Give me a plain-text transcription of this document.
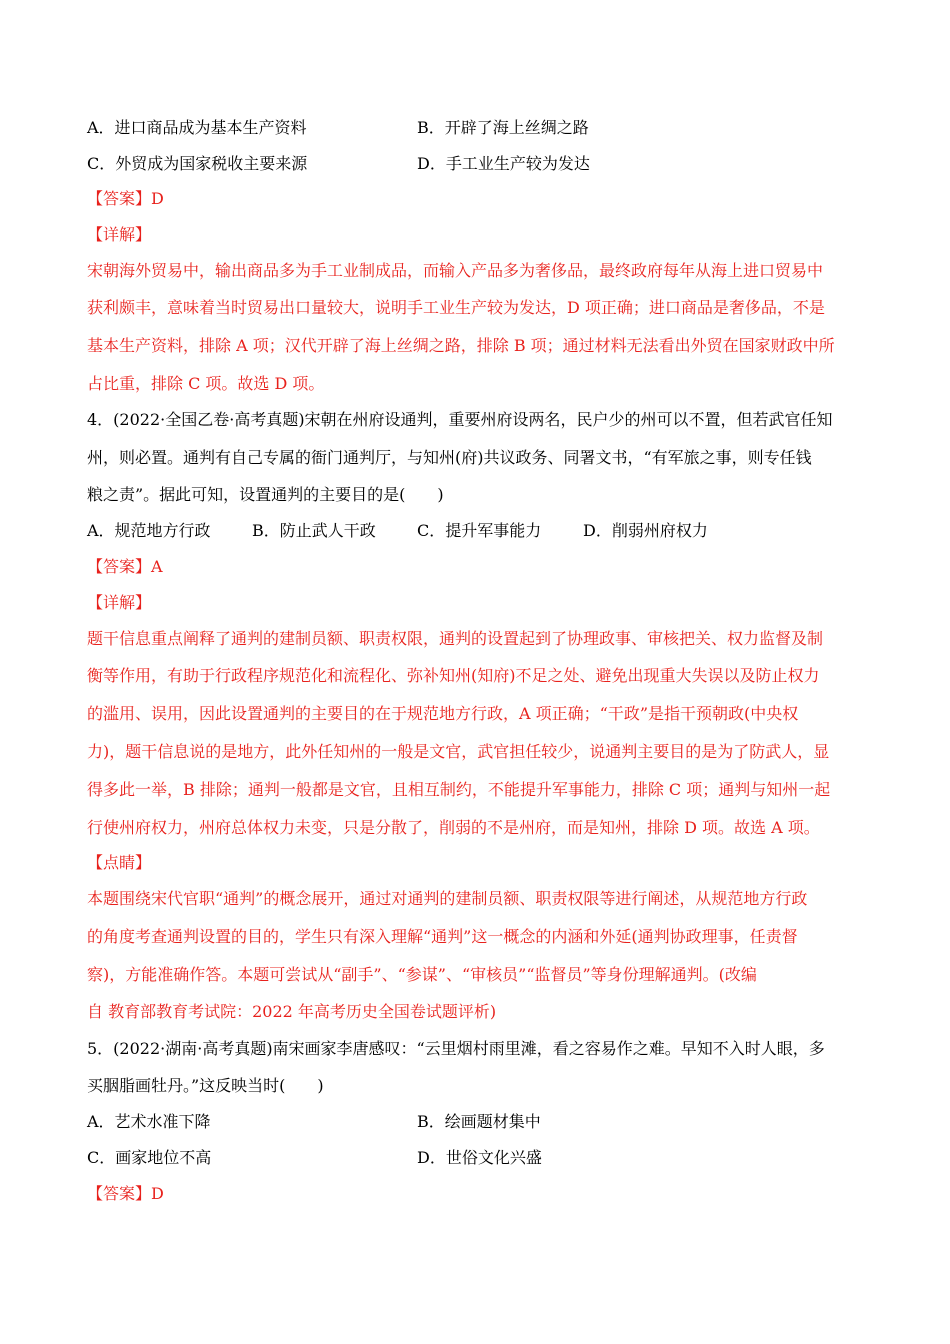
A．进口商品成为基本生产资料	B．开辟了海上丝绸之路
C．外贸成为国家税收主要来源	D．手工业生产较为发达
【答案】D
【详解】
宋朝海外贸易中，输出商品多为手工业制成品，而输入产品多为奢侈品，最终政府每年从海上进口贸易中
获利颇丰，意味着当时贸易出口量较大，说明手工业生产较为发达，D 项正确；进口商品是奢侈品，不是
基本生产资料，排除 A 项；汉代开辟了海上丝绸之路，排除 B 项；通过材料无法看出外贸在国家财政中所
占比重，排除 C 项。故选 D 项。
4．(2022·全国乙卷·高考真题)宋朝在州府设通判，重要州府设两名，民户少的州可以不置，但若武官任知
州，则必置。通判有自己专属的衙门通判厅，与知州(府)共议政务、同署文书，“有军旅之事，则专任钱
粮之责”。据此可知，设置通判的主要目的是(　　)
A．规范地方行政	B．防止武人干政	C．提升军事能力	D．削弱州府权力
【答案】A
【详解】
题干信息重点阐释了通判的建制员额、职责权限，通判的设置起到了协理政事、审核把关、权力监督及制
衡等作用，有助于行政程序规范化和流程化、弥补知州(知府)不足之处、避免出现重大失误以及防止权力
的滥用、误用，因此设置通判的主要目的在于规范地方行政，A 项正确；“干政”是指干预朝政(中央权
力)，题干信息说的是地方，此外任知州的一般是文官，武官担任较少，说通判主要目的是为了防武人，显
得多此一举，B 排除；通判一般都是文官，且相互制约，不能提升军事能力，排除 C 项；通判与知州一起
行使州府权力，州府总体权力未变，只是分散了，削弱的不是州府，而是知州，排除 D 项。故选 A 项。
【点睛】
本题围绕宋代官职“通判”的概念展开，通过对通判的建制员额、职责权限等进行阐述，从规范地方行政
的角度考查通判设置的目的，学生只有深入理解“通判”这一概念的内涵和外延(通判协政理事，任责督
察)，方能准确作答。本题可尝试从“副手”、“参谋”、“审核员”“监督员”等身份理解通判。(改编
自 教育部教育考试院：2022 年高考历史全国卷试题评析)
5．(2022·湖南·高考真题)南宋画家李唐感叹：“云里烟村雨里滩，看之容易作之难。早知不入时人眼，多
买胭脂画牡丹。”这反映当时(　　)
A．艺术水准下降	B．绘画题材集中
C．画家地位不高	D．世俗文化兴盛
【答案】D
